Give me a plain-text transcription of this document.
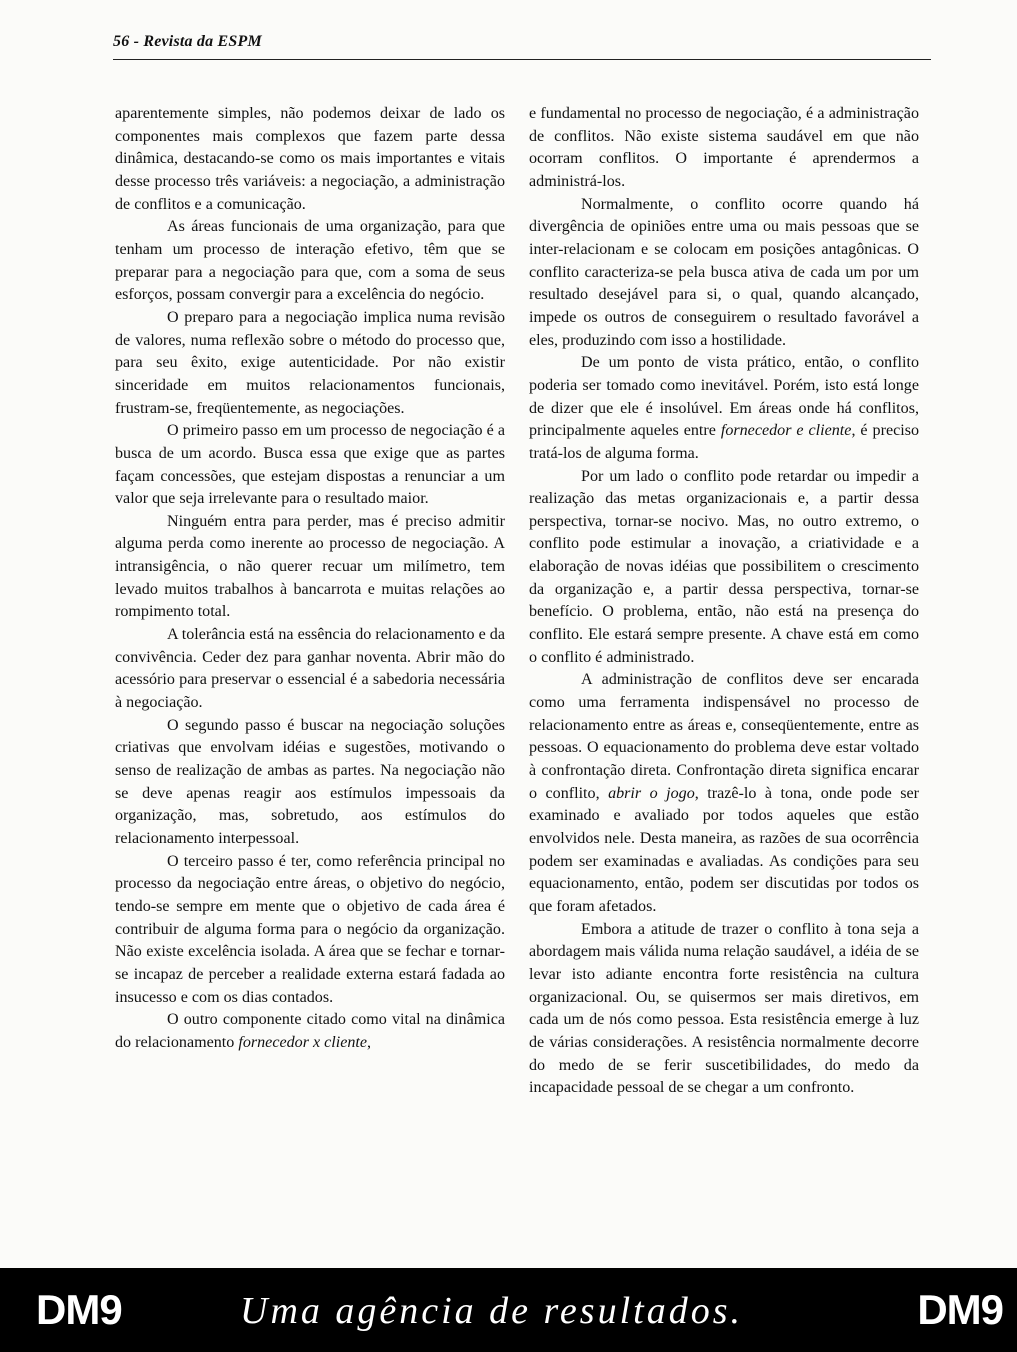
56 - Revista da ESPM

aparentemente simples, não podemos deixar de lado os componentes mais complexos que fazem parte dessa dinâmica, destacando-se como os mais importantes e vitais desse processo três variáveis: a negociação, a administração de conflitos e a comunicação.

As áreas funcionais de uma organização, para que tenham um processo de interação efetivo, têm que se preparar para a negociação para que, com a soma de seus esforços, possam convergir para a excelência do negócio.

O preparo para a negociação implica numa revisão de valores, numa reflexão sobre o método do processo que, para seu êxito, exige autenticidade. Por não existir sinceridade em muitos relacionamentos funcionais, frustram-se, freqüentemente, as negociações.

O primeiro passo em um processo de negociação é a busca de um acordo. Busca essa que exige que as partes façam concessões, que estejam dispostas a renunciar a um valor que seja irrelevante para o resultado maior.

Ninguém entra para perder, mas é preciso admitir alguma perda como inerente ao processo de negociação. A intransigência, o não querer recuar um milímetro, tem levado muitos trabalhos à bancarrota e muitas relações ao rompimento total.

A tolerância está na essência do relacionamento e da convivência. Ceder dez para ganhar noventa. Abrir mão do acessório para preservar o essencial é a sabedoria necessária à negociação.

O segundo passo é buscar na negociação soluções criativas que envolvam idéias e sugestões, motivando o senso de realização de ambas as partes. Na negociação não se deve apenas reagir aos estímulos impessoais da organização, mas, sobretudo, aos estímulos do relacionamento interpessoal.

O terceiro passo é ter, como referência principal no processo da negociação entre áreas, o objetivo do negócio, tendo-se sempre em mente que o objetivo de cada área é contribuir de alguma forma para o negócio da organização. Não existe excelência isolada. A área que se fechar e tornar-se incapaz de perceber a realidade externa estará fadada ao insucesso e com os dias contados.

O outro componente citado como vital na dinâmica do relacionamento fornecedor x cliente,

e fundamental no processo de negociação, é a administração de conflitos. Não existe sistema saudável em que não ocorram conflitos. O importante é aprendermos a administrá-los.

Normalmente, o conflito ocorre quando há divergência de opiniões entre uma ou mais pessoas que se inter-relacionam e se colocam em posições antagônicas. O conflito caracteriza-se pela busca ativa de cada um por um resultado desejável para si, o qual, quando alcançado, impede os outros de conseguirem o resultado favorável a eles, produzindo com isso a hostilidade.

De um ponto de vista prático, então, o conflito poderia ser tomado como inevitável. Porém, isto está longe de dizer que ele é insolúvel. Em áreas onde há conflitos, principalmente aqueles entre fornecedor e cliente, é preciso tratá-los de alguma forma.

Por um lado o conflito pode retardar ou impedir a realização das metas organizacionais e, a partir dessa perspectiva, tornar-se nocivo. Mas, no outro extremo, o conflito pode estimular a inovação, a criatividade e a elaboração de novas idéias que possibilitem o crescimento da organização e, a partir dessa perspectiva, tornar-se benefício. O problema, então, não está na presença do conflito. Ele estará sempre presente. A chave está em como o conflito é administrado.

A administração de conflitos deve ser encarada como uma ferramenta indispensável no processo de relacionamento entre as áreas e, conseqüentemente, entre as pessoas. O equacionamento do problema deve estar voltado à confrontação direta. Confrontação direta significa encarar o conflito, abrir o jogo, trazê-lo à tona, onde pode ser examinado e avaliado por todos aqueles que estão envolvidos nele. Desta maneira, as razões de sua ocorrência podem ser examinadas e avaliadas. As condições para seu equacionamento, então, podem ser discutidas por todos os que foram afetados.

Embora a atitude de trazer o conflito à tona seja a abordagem mais válida numa relação saudável, a idéia de se levar isto adiante encontra forte resistência na cultura organizacional. Ou, se quisermos ser mais diretivos, em cada um de nós como pessoa. Esta resistência emerge à luz de várias considerações. A resistência normalmente decorre do medo de se ferir suscetibilidades, do medo da incapacidade pessoal de se chegar a um confronto.

DM9	Uma agência de resultados.	DM9
